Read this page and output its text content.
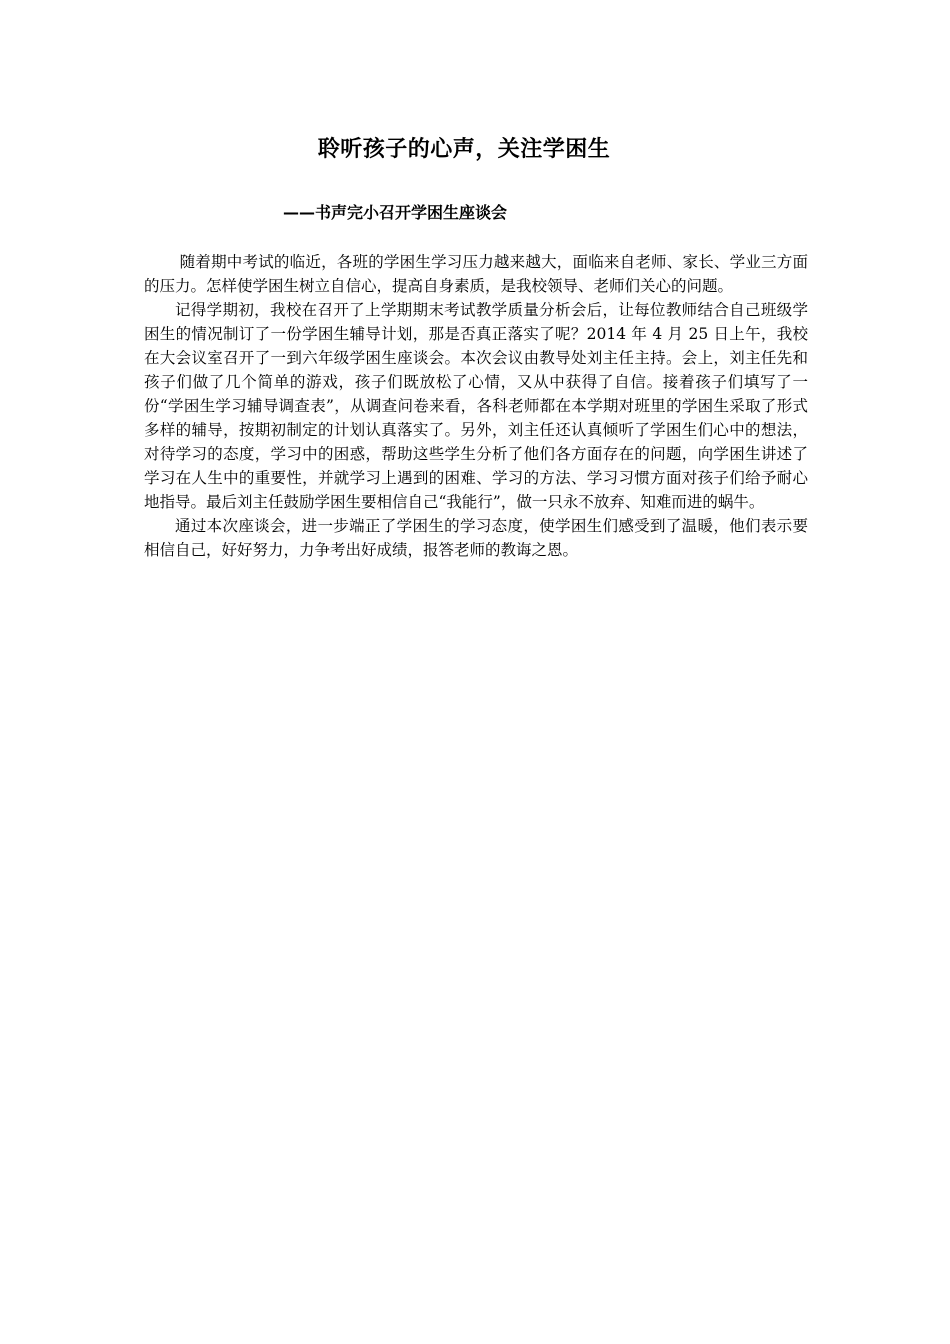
聆听孩子的心声，关注学困生
——书声完小召开学困生座谈会

随着期中考试的临近，各班的学困生学习压力越来越大，面临来自老师、家长、学业三方面的压力。怎样使学困生树立自信心，提高自身素质，是我校领导、老师们关心的问题。

记得学期初，我校在召开了上学期期末考试教学质量分析会后，让每位教师结合自己班级学困生的情况制订了一份学困生辅导计划，那是否真正落实了呢？2014 年 4 月 25 日上午，我校在大会议室召开了一到六年级学困生座谈会。本次会议由教导处刘主任主持。会上，刘主任先和孩子们做了几个简单的游戏，孩子们既放松了心情，又从中获得了自信。接着孩子们填写了一份“学困生学习辅导调查表”，从调查问卷来看，各科老师都在本学期对班里的学困生采取了形式多样的辅导，按期初制定的计划认真落实了。另外，刘主任还认真倾听了学困生们心中的想法，对待学习的态度，学习中的困惑，帮助这些学生分析了他们各方面存在的问题，向学困生讲述了学习在人生中的重要性，并就学习上遇到的困难、学习的方法、学习习惯方面对孩子们给予耐心地指导。最后刘主任鼓励学困生要相信自己“我能行”，做一只永不放弃、知难而进的蜗牛。

通过本次座谈会，进一步端正了学困生的学习态度，使学困生们感受到了温暖，他们表示要相信自己，好好努力，力争考出好成绩，报答老师的教诲之恩。
